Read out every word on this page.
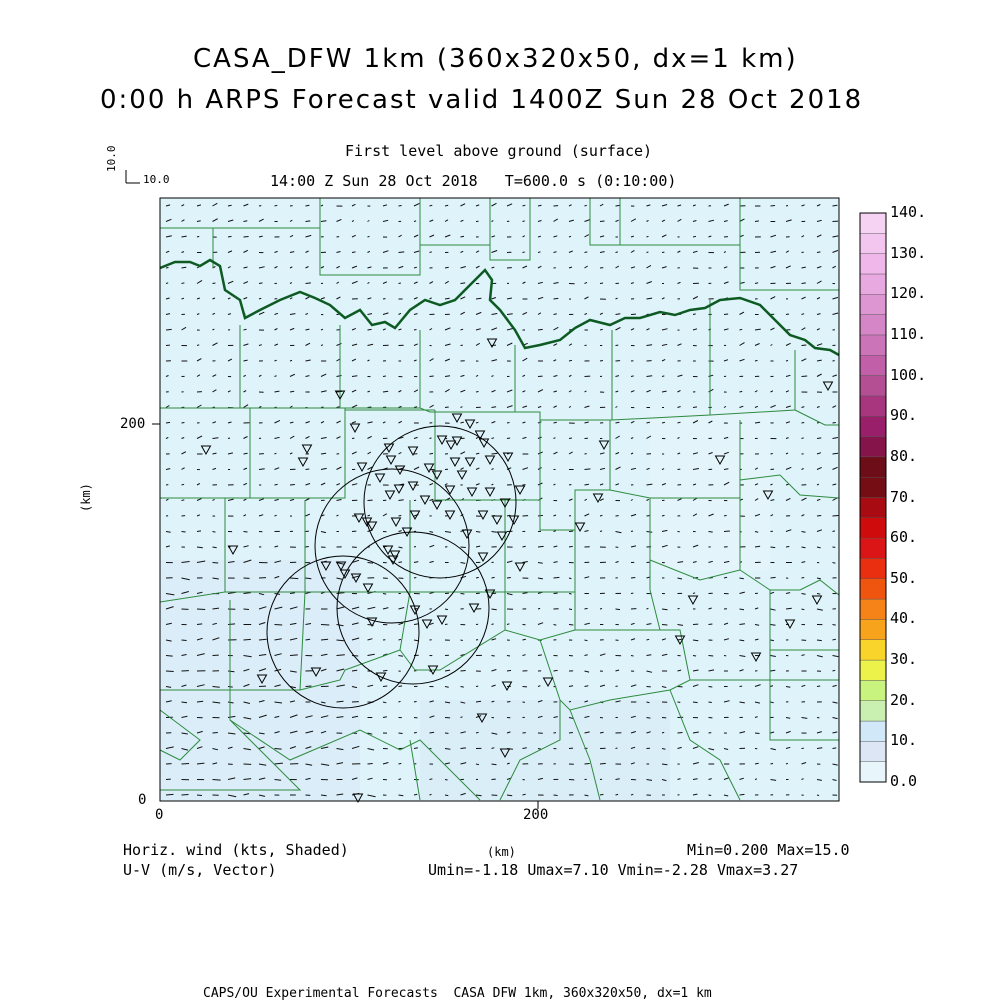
CASA_DFW 1km (360x320x50, dx=1 km)
0:00 h ARPS Forecast valid 1400Z Sun 28 Oct 2018
First level above ground (surface)
14:00 Z Sun 28 Oct 2018   T=600.0 s (0:10:00)
10.0
10.0
200
0
0	200
(km)
Horiz. wind (kts, Shaded)
U-V (m/s, Vector)
(km)	Min=0.200 Max=15.0
Umin=-1.18 Umax=7.10 Vmin=-2.28 Vmax=3.27
CAPS/OU Experimental Forecasts  CASA DFW 1km, 360x320x50, dx=1 km
0.0
10.
20.
30.
40.
50.
60.
70.
80.
90.
100.
110.
120.
130.
140.
